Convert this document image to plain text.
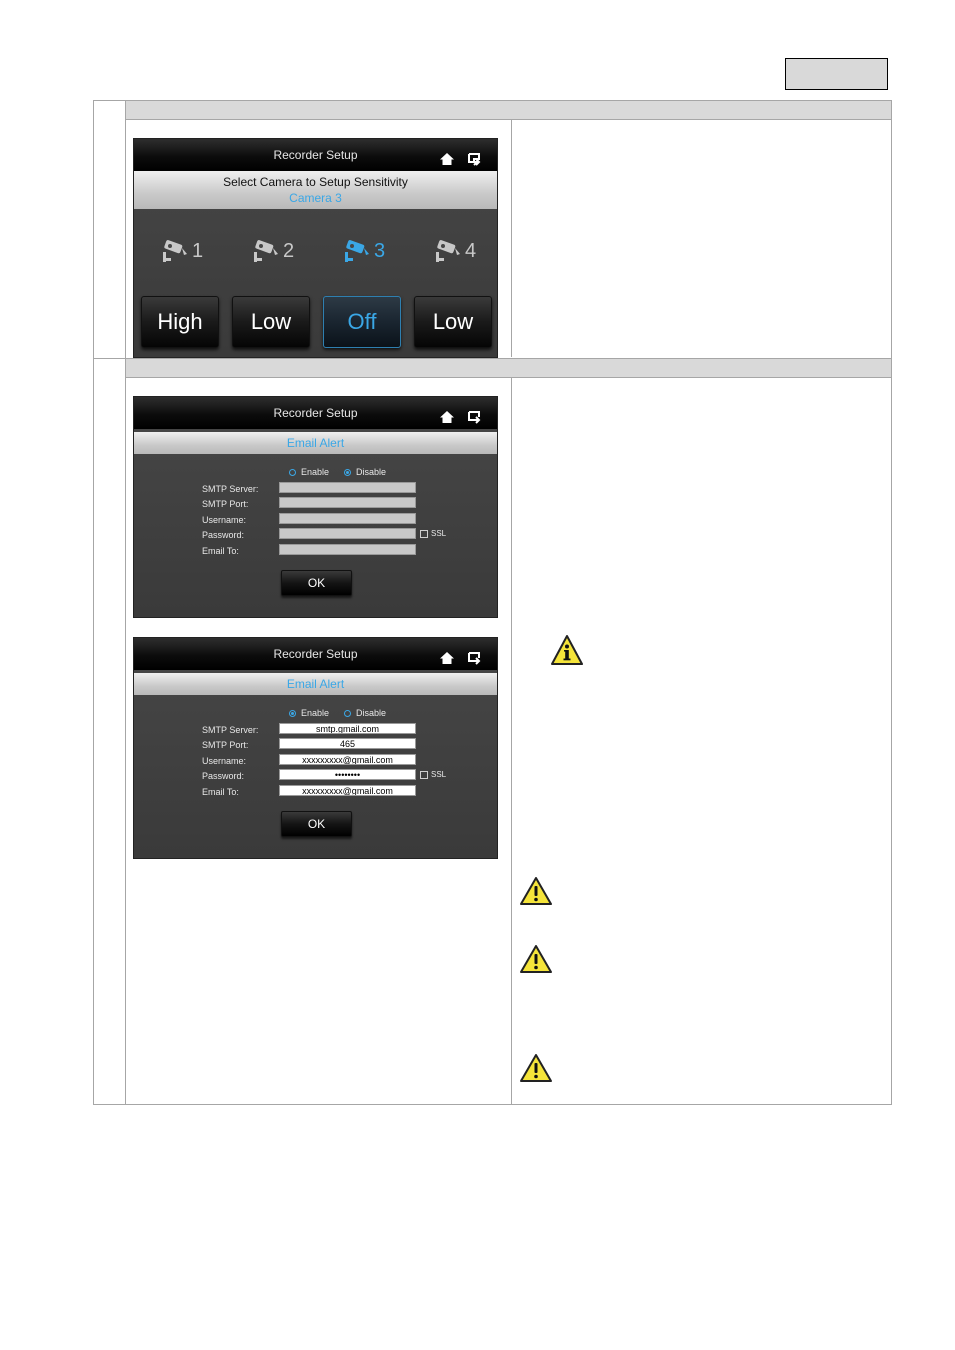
Recorder Setup
Select Camera to Setup Sensitivity
Camera 3
1	2	3	4
High	Low	Off	Low
Recorder Setup
Email Alert
Enable	Disable
SMTP Server:
SMTP Port:
Username:
Password:	SSL
Email To:
OK
Recorder Setup
Email Alert
Enable	Disable
SMTP Server:	smtp.gmail.com
SMTP Port:	465
Username:	xxxxxxxxx@gmail.com
Password:	••••••••	SSL
Email To:	xxxxxxxxx@gmail.com
OK
